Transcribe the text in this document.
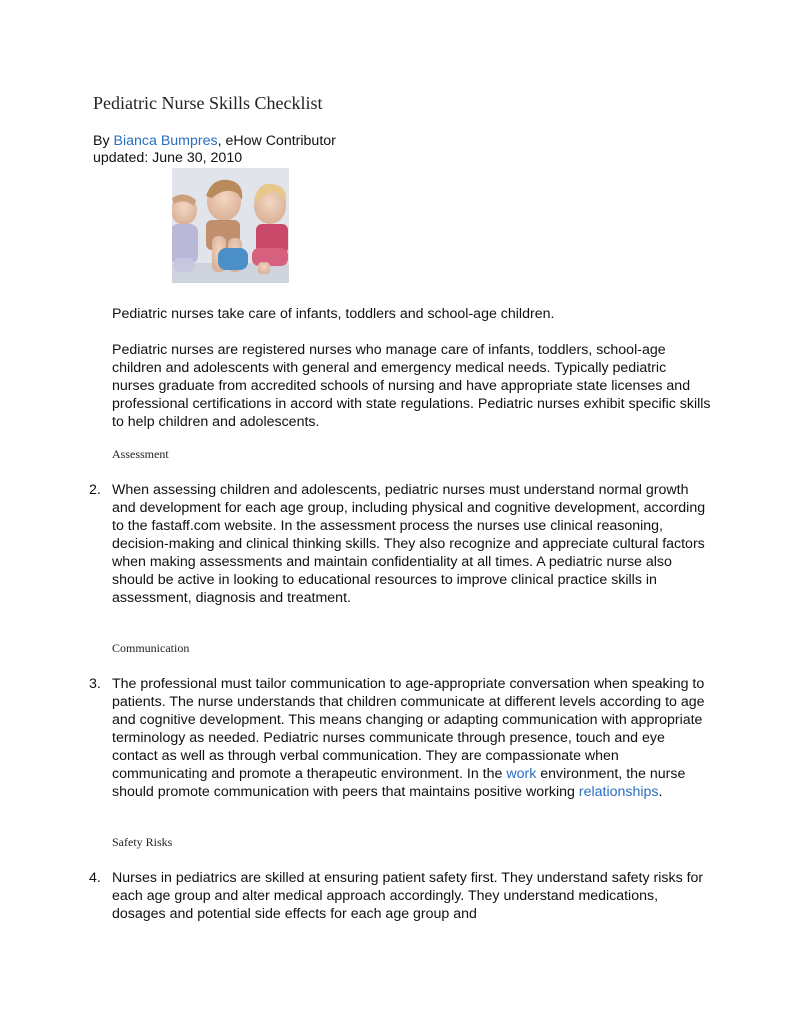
Pediatric Nurse Skills Checklist
By Bianca Bumpres, eHow Contributor
updated: June 30, 2010

Pediatric nurses take care of infants, toddlers and school-age children.

Pediatric nurses are registered nurses who manage care of infants, toddlers, school-age children and adolescents with general and emergency medical needs. Typically pediatric nurses graduate from accredited schools of nursing and have appropriate state licenses and professional certifications in accord with state regulations. Pediatric nurses exhibit specific skills to help children and adolescents.

Assessment

2. When assessing children and adolescents, pediatric nurses must understand normal growth and development for each age group, including physical and cognitive development, according to the fastaff.com website. In the assessment process the nurses use clinical reasoning, decision-making and clinical thinking skills. They also recognize and appreciate cultural factors when making assessments and maintain confidentiality at all times. A pediatric nurse also should be active in looking to educational resources to improve clinical practice skills in assessment, diagnosis and treatment.

Communication

3. The professional must tailor communication to age-appropriate conversation when speaking to patients. The nurse understands that children communicate at different levels according to age and cognitive development. This means changing or adapting communication with appropriate terminology as needed. Pediatric nurses communicate through presence, touch and eye contact as well as through verbal communication. They are compassionate when communicating and promote a therapeutic environment. In the work environment, the nurse should promote communication with peers that maintains positive working relationships.

Safety Risks

4. Nurses in pediatrics are skilled at ensuring patient safety first. They understand safety risks for each age group and alter medical approach accordingly. They understand medications, dosages and potential side effects for each age group and
